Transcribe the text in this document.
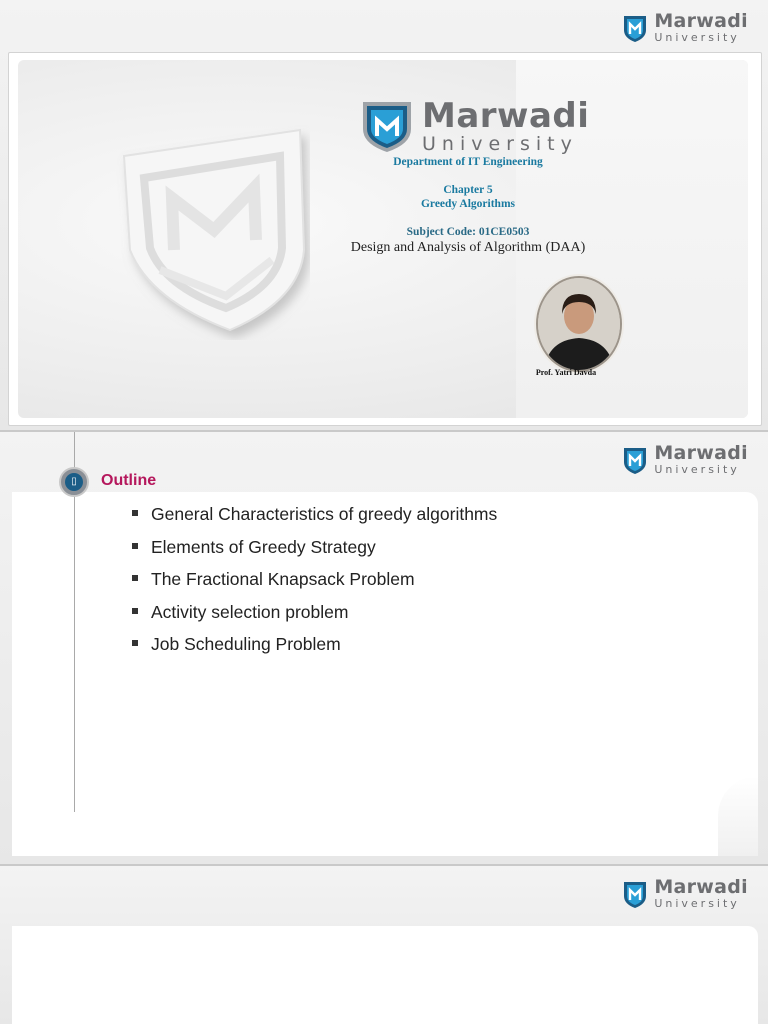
Marwadi
University
Marwadi
University
Department of IT Engineering
Chapter 5
Greedy Algorithms
Subject Code: 01CE0503
Design and Analysis of Algorithm (DAA)
Prof. Yatri Davda
Marwadi
University
▯	Outline
General Characteristics of greedy algorithms
Elements of Greedy Strategy
The Fractional Knapsack Problem
Activity selection problem
Job Scheduling Problem
Marwadi
University
